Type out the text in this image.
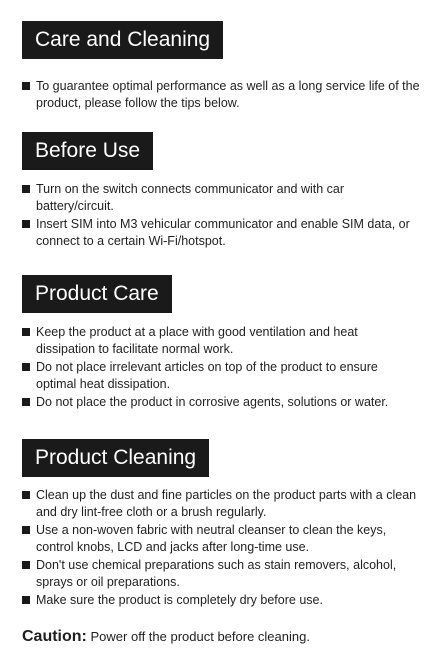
Care and Cleaning
To guarantee optimal performance as well as a long service life of the product, please follow the tips below.
Before Use
Turn on the switch connects communicator and with car battery/circuit.
Insert SIM into M3 vehicular communicator and enable SIM data, or connect to a certain Wi-Fi/hotspot.
Product Care
Keep the product at a place with good ventilation and heat dissipation to facilitate normal work.
Do not place irrelevant articles on top of the product to ensure optimal heat dissipation.
Do not place the product in corrosive agents, solutions or water.
Product Cleaning
Clean up the dust and fine particles on the product parts with a clean and dry lint-free cloth or a brush regularly.
Use a non-woven fabric with neutral cleanser to clean the keys, control knobs, LCD and jacks after long-time use.
Don't use chemical preparations such as stain removers, alcohol, sprays or oil preparations.
Make sure the product is completely dry before use.
Caution: Power off the product before cleaning.
